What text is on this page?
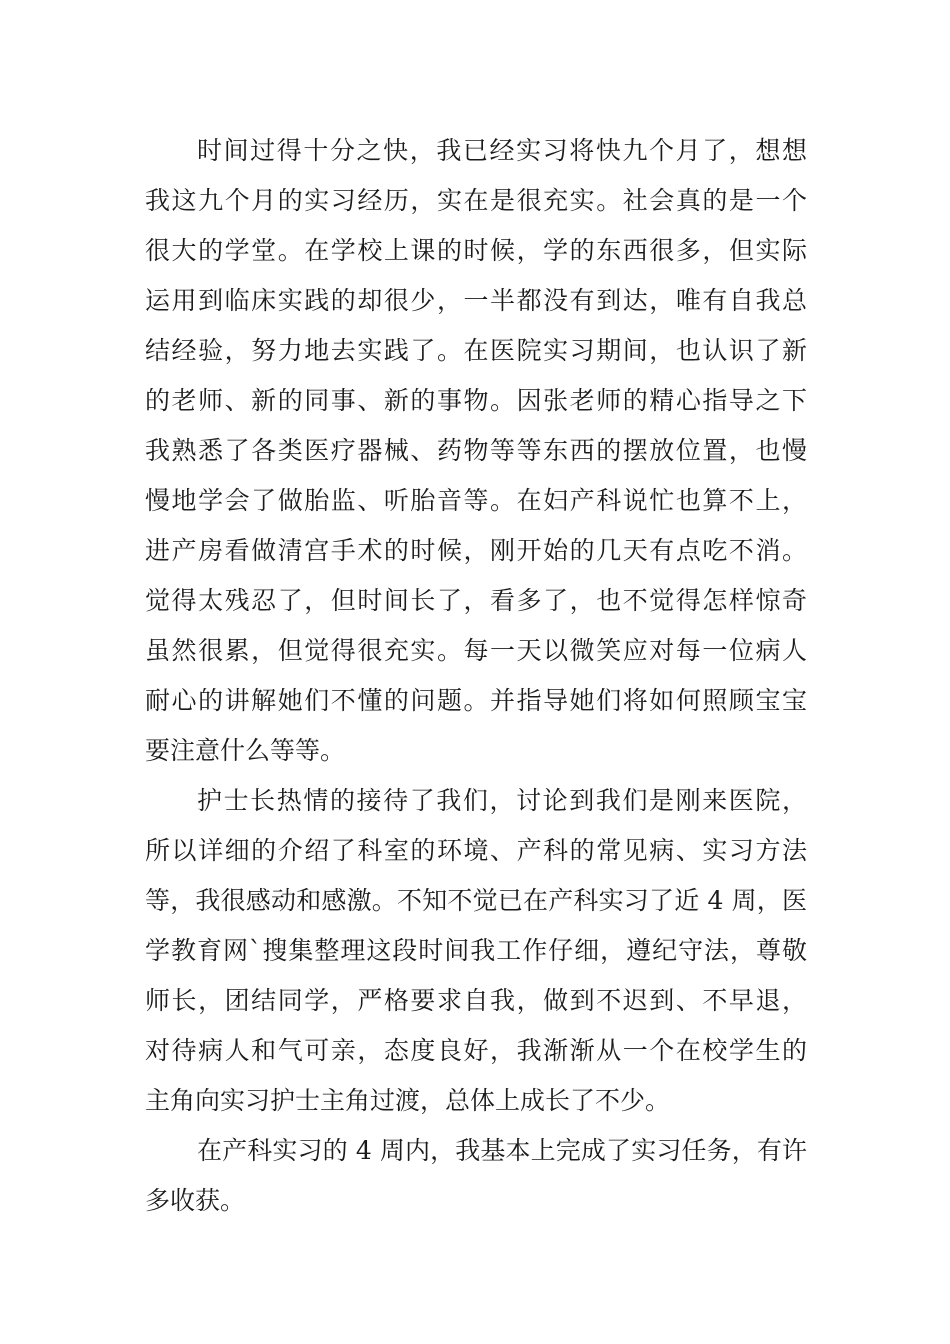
时间过得十分之快，我已经实习将快九个月了，想想
我这九个月的实习经历，实在是很充实。社会真的是一个
很大的学堂。在学校上课的时候，学的东西很多，但实际
运用到临床实践的却很少，一半都没有到达，唯有自我总
结经验，努力地去实践了。在医院实习期间，也认识了新
的老师、新的同事、新的事物。因张老师的精心指导之下
我熟悉了各类医疗器械、药物等等东西的摆放位置，也慢
慢地学会了做胎监、听胎音等。在妇产科说忙也算不上，
进产房看做清宫手术的时候，刚开始的几天有点吃不消。
觉得太残忍了，但时间长了，看多了，也不觉得怎样惊奇
虽然很累，但觉得很充实。每一天以微笑应对每一位病人
耐心的讲解她们不懂的问题。并指导她们将如何照顾宝宝
要注意什么等等。
护士长热情的接待了我们，讨论到我们是刚来医院，
所以详细的介绍了科室的环境、产科的常见病、实习方法
等，我很感动和感激。不知不觉已在产科实习了近 4 周，医
学教育网`搜集整理这段时间我工作仔细，遵纪守法，尊敬
师长，团结同学，严格要求自我，做到不迟到、不早退，
对待病人和气可亲，态度良好，我渐渐从一个在校学生的
主角向实习护士主角过渡，总体上成长了不少。
在产科实习的 4 周内，我基本上完成了实习任务，有许
多收获。
